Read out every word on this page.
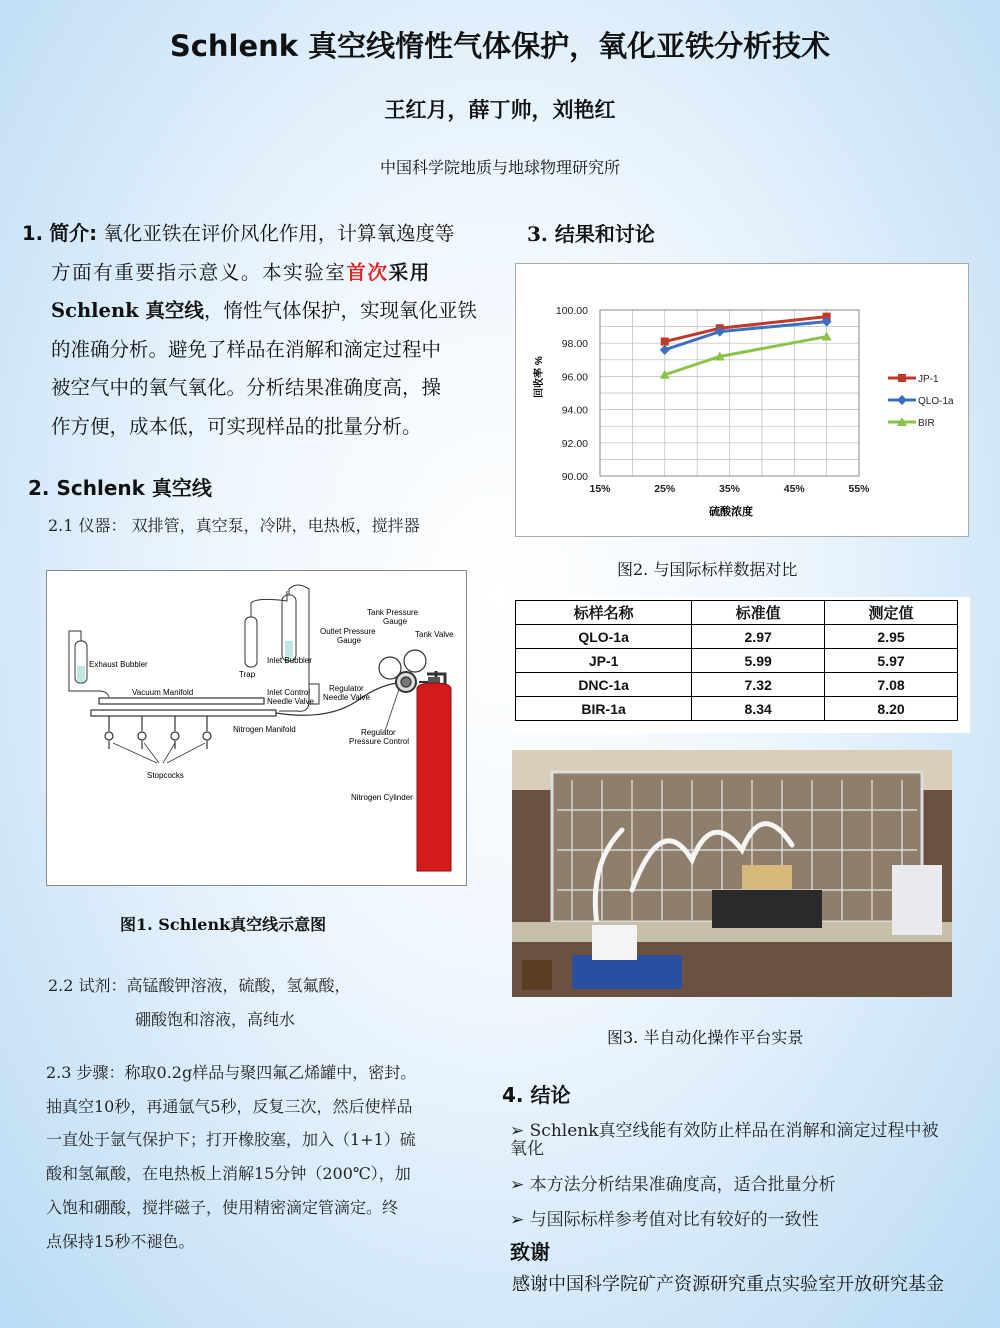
Schlenk 真空线惰性气体保护，氧化亚铁分析技术
王红月，薛丁帅，刘艳红
中国科学院地质与地球物理研究所
1. 简介: 氧化亚铁在评价风化作用，计算氧逸度等
方面有重要指示意义。本实验室首次采用
Schlenk 真空线，惰性气体保护，实现氧化亚铁
的准确分析。避免了样品在消解和滴定过程中
被空气中的氧气氧化。分析结果准确度高，操
作方便，成本低，可实现样品的批量分析。
2. Schlenk 真空线
2.1 仪器： 双排管，真空泵，冷阱，电热板，搅拌器
Exhaust Bubbler
Trap
Inlet Bubbler
Vacuum Manifold
Nitrogen Manifold
Stopcocks
Inlet Control
Needle Valve
Outlet Pressure
Gauge
Tank Pressure
Gauge
Tank Valve
Regulator
Needle Valve
Regulator
Pressure Control
Nitrogen Cylinder
图1. Schlenk真空线示意图
2.2 试剂：高锰酸钾溶液，硫酸，氢氟酸，
硼酸饱和溶液，高纯水
2.3 步骤：称取0.2g样品与聚四氟乙烯罐中，密封。
抽真空10秒，再通氩气5秒，反复三次，然后使样品
一直处于氩气保护下；打开橡胶塞，加入（1+1）硫
酸和氢氟酸，在电热板上消解15分钟（200℃），加
入饱和硼酸，搅拌磁子，使用精密滴定管滴定。终
点保持15秒不褪色。
3. 结果和讨论
90.00
92.00
94.00
96.00
98.00
100.00
15%	25%	35%	45%	55%
JP-1
QLO-1a
BIR
回收率 %
硫酸浓度
图2. 与国际标样数据对比
标样名称	标准值	测定值
QLO-1a	2.97	2.95
JP-1	5.99	5.97
DNC-1a	7.32	7.08
BIR-1a	8.34	8.20
图3. 半自动化操作平台实景
4. 结论
➢ Schlenk真空线能有效防止样品在消解和滴定过程中被
氧化
➢ 本方法分析结果准确度高，适合批量分析
➢ 与国际标样参考值对比有较好的一致性
致谢
感谢中国科学院矿产资源研究重点实验室开放研究基金
